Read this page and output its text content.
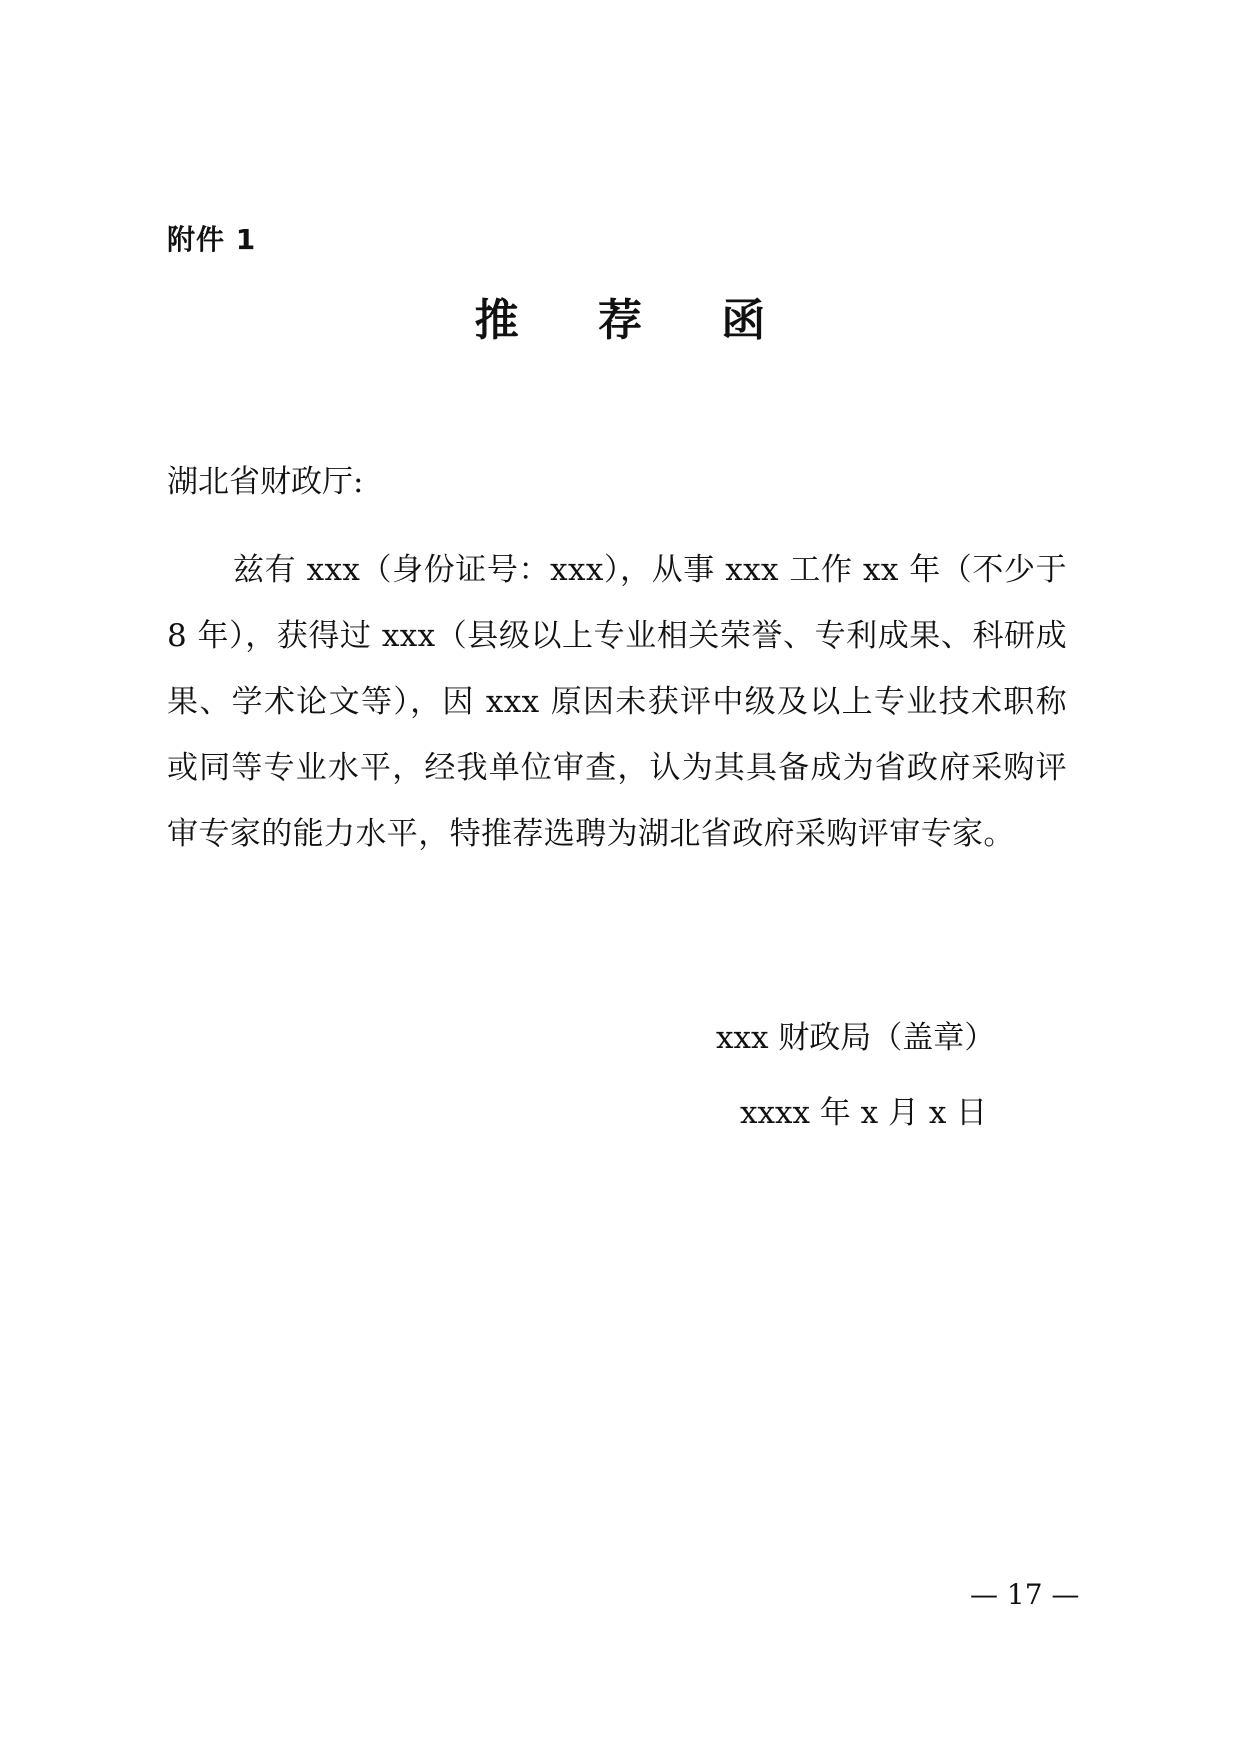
附件 1
推 荐 函
湖北省财政厅:

兹有 xxx（身份证号：xxx），从事 xxx 工作 xx 年（不少于 8 年），获得过 xxx（县级以上专业相关荣誉、专利成果、科研成果、学术论文等），因 xxx 原因未获评中级及以上专业技术职称或同等专业水平，经我单位审查，认为其具备成为省政府采购评审专家的能力水平，特推荐选聘为湖北省政府采购评审专家。

xxx 财政局（盖章）
xxxx 年 x 月 x 日
— 17 —
